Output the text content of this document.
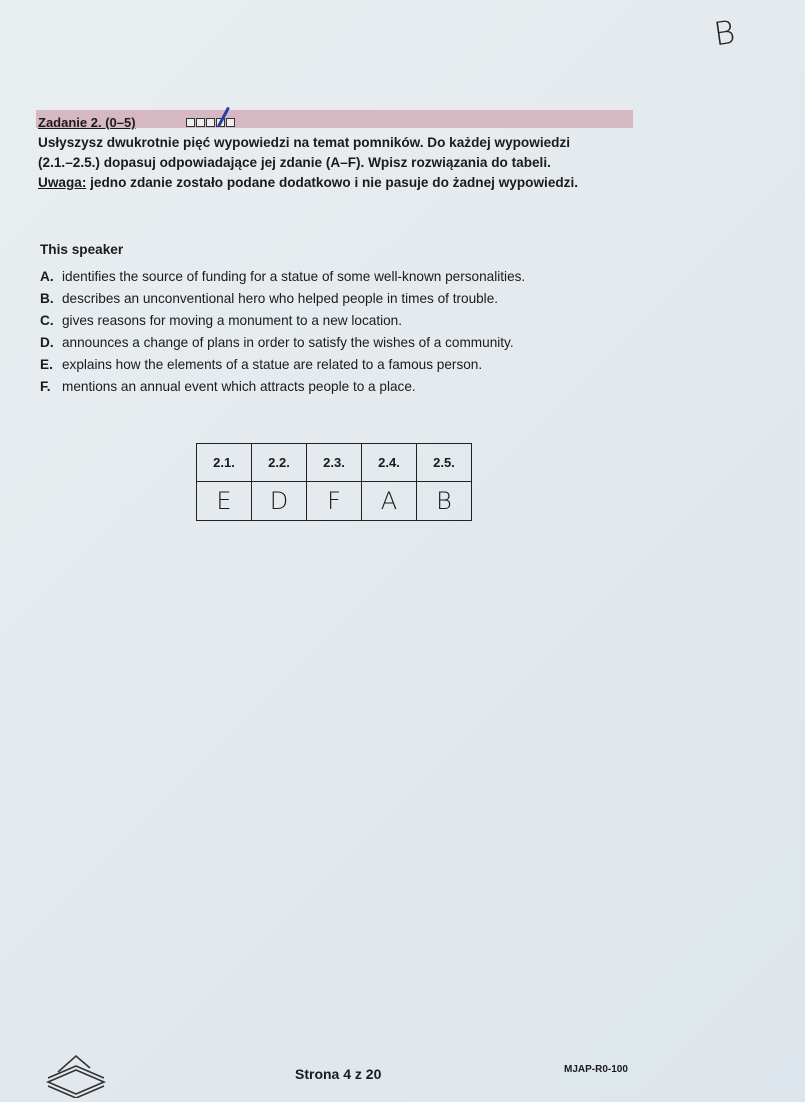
B
Zadanie 2. (0–5)
Usłyszysz dwukrotnie pięć wypowiedzi na temat pomników. Do każdej wypowiedzi
(2.1.–2.5.) dopasuj odpowiadające jej zdanie (A–F). Wpisz rozwiązania do tabeli.
Uwaga: jedno zdanie zostało podane dodatkowo i nie pasuje do żadnej wypowiedzi.
This speaker
A. identifies the source of funding for a statue of some well-known personalities.
B. describes an unconventional hero who helped people in times of trouble.
C. gives reasons for moving a monument to a new location.
D. announces a change of plans in order to satisfy the wishes of a community.
E. explains how the elements of a statue are related to a famous person.
F. mentions an annual event which attracts people to a place.
2.1.	2.2.	2.3.	2.4.	2.5.
E	D	F	A	B
Strona 4 z 20	MJAP-R0-100
